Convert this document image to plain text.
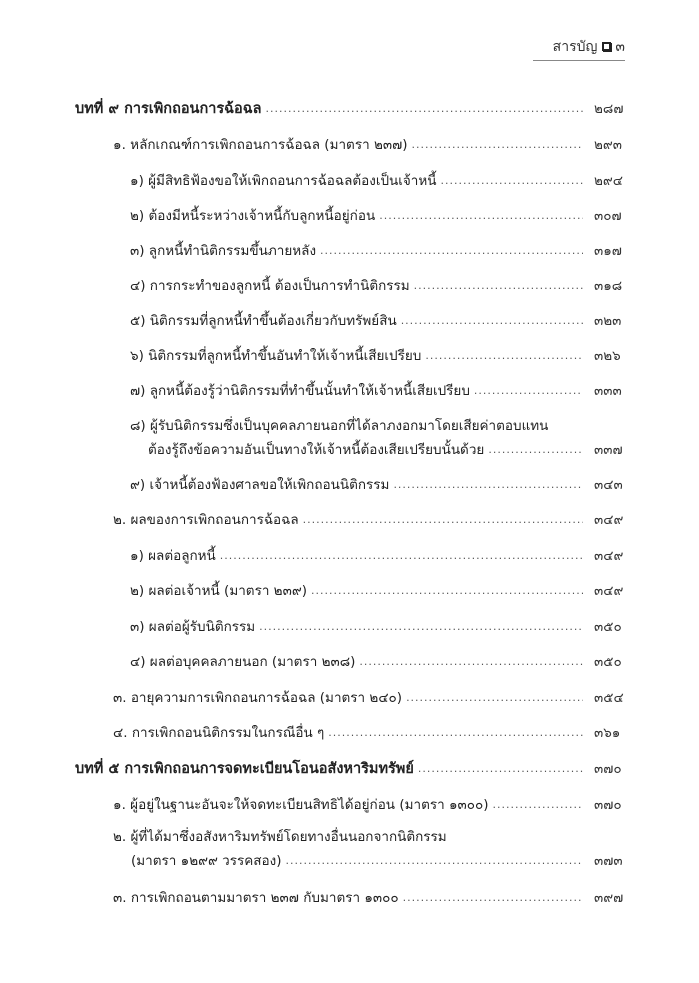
สารบัญ ๓
บทที่ ๙ การเพิกถอนการฉ้อฉล .....	๒๘๗
๑. หลักเกณฑ์การเพิกถอนการฉ้อฉล (มาตรา ๒๓๗) .....	๒๙๓
๑) ผู้มีสิทธิฟ้องขอให้เพิกถอนการฉ้อฉลต้องเป็นเจ้าหนี้ .....	๒๙๔
๒) ต้องมีหนี้ระหว่างเจ้าหนี้กับลูกหนี้อยู่ก่อน .....	๓๐๗
๓) ลูกหนี้ทำนิติกรรมขึ้นภายหลัง .....	๓๑๗
๔) การกระทำของลูกหนี้ ต้องเป็นการทำนิติกรรม .....	๓๑๘
๕) นิติกรรมที่ลูกหนี้ทำขึ้นต้องเกี่ยวกับทรัพย์สิน .....	๓๒๓
๖) นิติกรรมที่ลูกหนี้ทำขึ้นอันทำให้เจ้าหนี้เสียเปรียบ .....	๓๒๖
๗) ลูกหนี้ต้องรู้ว่านิติกรรมที่ทำขึ้นนั้นทำให้เจ้าหนี้เสียเปรียบ .....	๓๓๓
๘) ผู้รับนิติกรรมซึ่งเป็นบุคคลภายนอกที่ได้ลาภงอกมาโดยเสียค่าตอบแทน
ต้องรู้ถึงข้อความอันเป็นทางให้เจ้าหนี้ต้องเสียเปรียบนั้นด้วย .....	๓๓๗
๙) เจ้าหนี้ต้องฟ้องศาลขอให้เพิกถอนนิติกรรม .....	๓๔๓
๒. ผลของการเพิกถอนการฉ้อฉล .....	๓๔๙
๑) ผลต่อลูกหนี้ .....	๓๔๙
๒) ผลต่อเจ้าหนี้ (มาตรา ๒๓๙) .....	๓๔๙
๓) ผลต่อผู้รับนิติกรรม .....	๓๕๐
๔) ผลต่อบุคคลภายนอก (มาตรา ๒๓๘) .....	๓๕๐
๓. อายุความการเพิกถอนการฉ้อฉล (มาตรา ๒๔๐) .....	๓๕๔
๔. การเพิกถอนนิติกรรมในกรณีอื่น ๆ .....	๓๖๑
บทที่ ๕ การเพิกถอนการจดทะเบียนโอนอสังหาริมทรัพย์ .....	๓๗๐
๑. ผู้อยู่ในฐานะอันจะให้จดทะเบียนสิทธิได้อยู่ก่อน (มาตรา ๑๓๐๐) .....	๓๗๐
๒. ผู้ที่ได้มาซึ่งอสังหาริมทรัพย์โดยทางอื่นนอกจากนิติกรรม
(มาตรา ๑๒๙๙ วรรคสอง) .....	๓๗๓
๓. การเพิกถอนตามมาตรา ๒๓๗ กับมาตรา ๑๓๐๐ .....	๓๙๗
